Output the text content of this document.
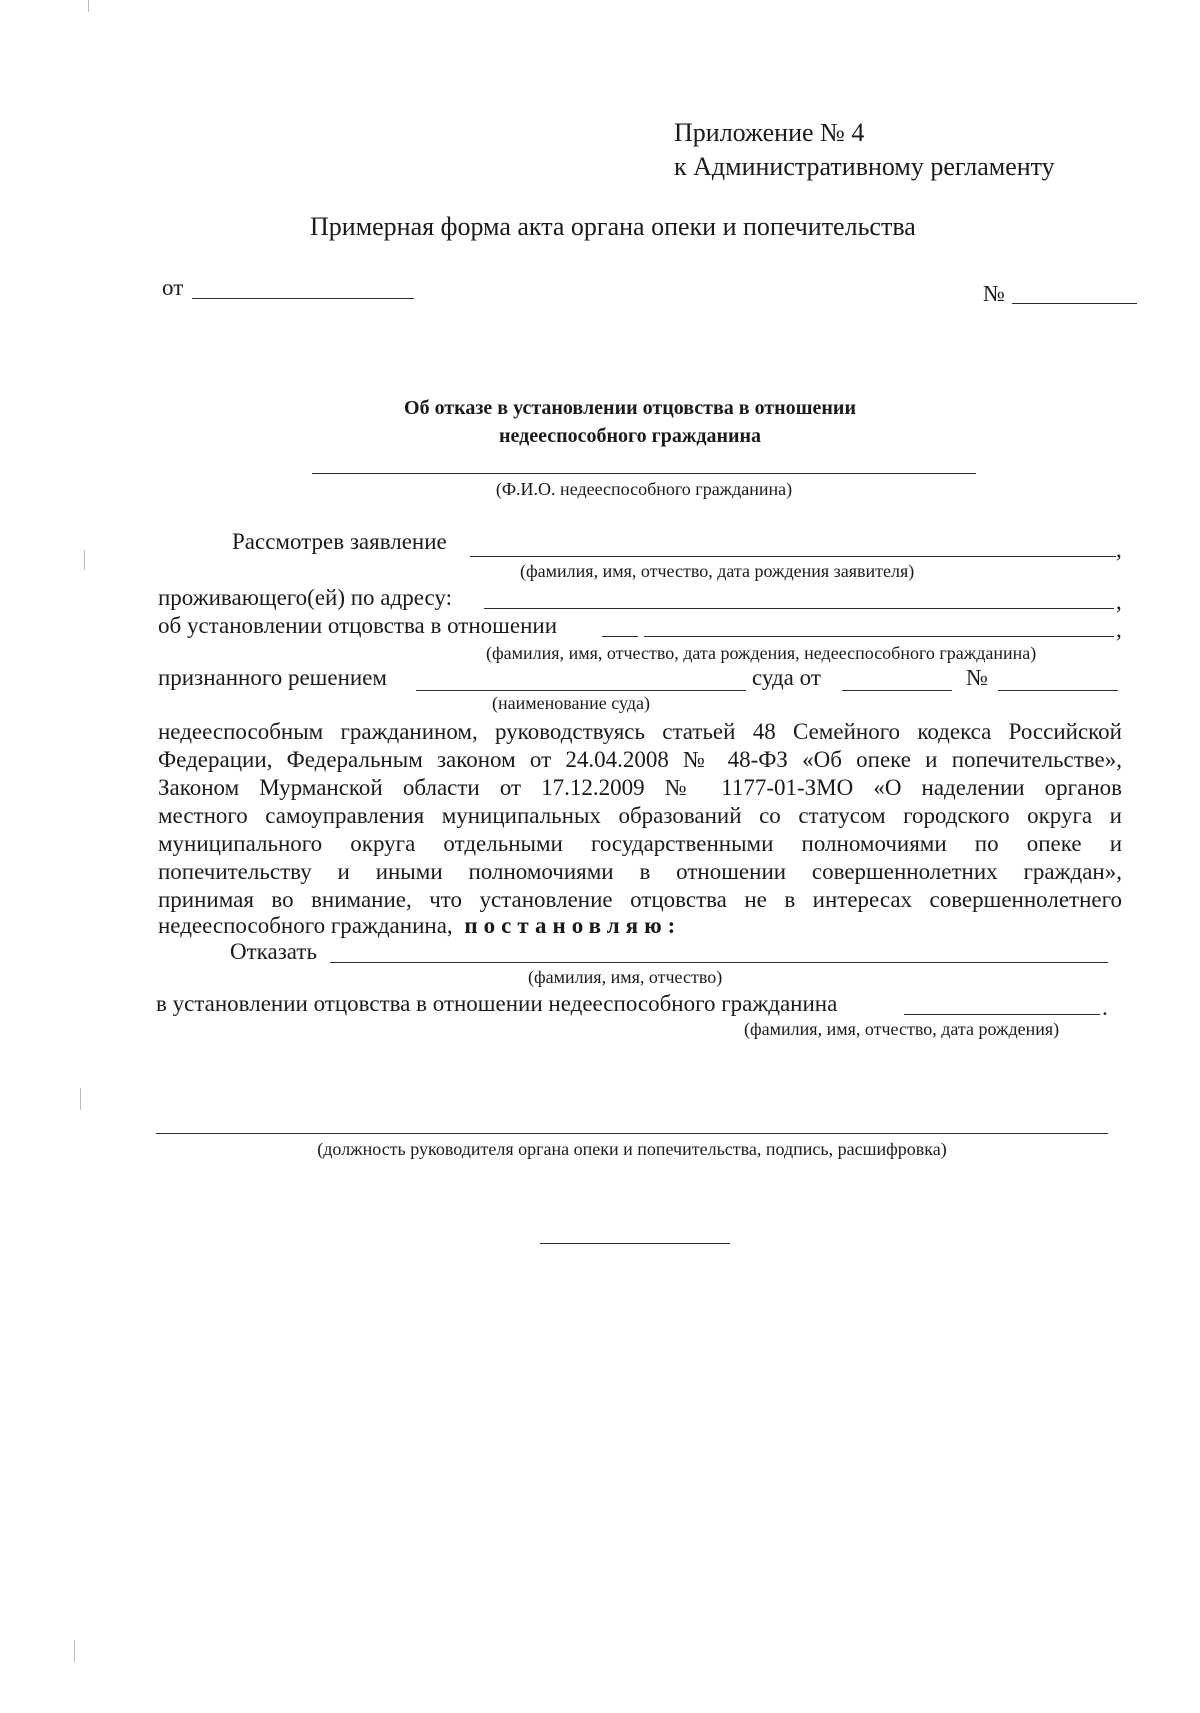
Приложение № 4
к Административному регламенту
Примерная форма акта органа опеки и попечительства
от	№
Об отказе в установлении отцовства в отношении
недееспособного гражданина
(Ф.И.О. недееспособного гражданина)
Рассмотрев заявление	,
(фамилия, имя, отчество, дата рождения заявителя)
проживающего(ей) по адресу:	,
об установлении отцовства в отношении	,
(фамилия, имя, отчество, дата рождения, недееспособного гражданина)
признанного решением	суда от	№
(наименование суда)
недееспособным гражданином, руководствуясь статьей 48 Семейного кодекса Российской
Федерации, Федеральным законом от 24.04.2008 № 48-ФЗ «Об опеке и попечительстве»,
Законом Мурманской области от 17.12.2009 № 1177-01-ЗМО «О наделении органов
местного самоуправления муниципальных образований со статусом городского округа и
муниципального округа отдельными государственными полномочиями по опеке и
попечительству и иными полномочиями в отношении совершеннолетних граждан»,
принимая во внимание, что установление отцовства не в интересах совершеннолетнего
недееспособного гражданина, постановляю:
Отказать
(фамилия, имя, отчество)
в установлении отцовства в отношении недееспособного гражданина	.
(фамилия, имя, отчество, дата рождения)
(должность руководителя органа опеки и попечительства, подпись, расшифровка)
